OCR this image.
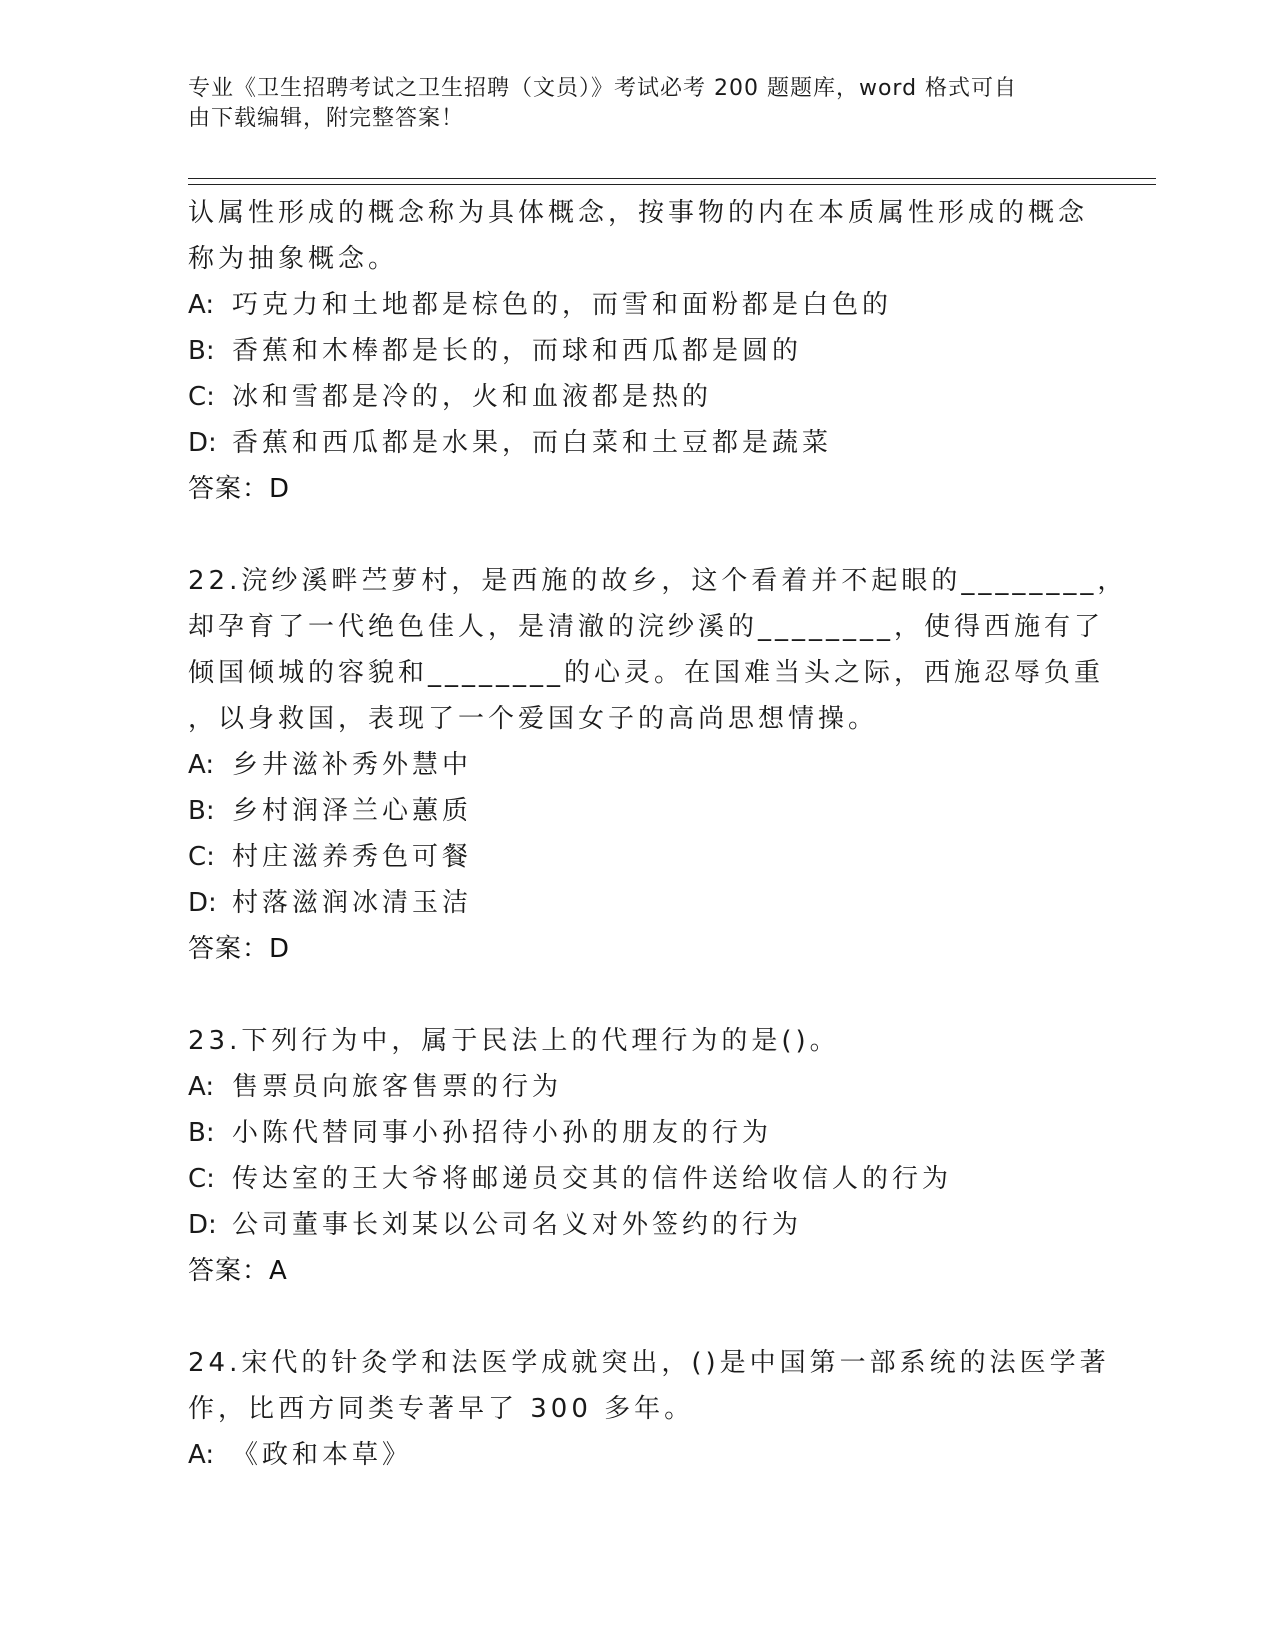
专业《卫生招聘考试之卫生招聘（文员）》考试必考 200 题题库，word 格式可自
由下载编辑，附完整答案！
认属性形成的概念称为具体概念，按事物的内在本质属性形成的概念
称为抽象概念。
A: 巧克力和土地都是棕色的，而雪和面粉都是白色的
B: 香蕉和木棒都是长的，而球和西瓜都是圆的
C: 冰和雪都是冷的，火和血液都是热的
D: 香蕉和西瓜都是水果，而白菜和土豆都是蔬菜
答案：D
22.浣纱溪畔苎萝村，是西施的故乡，这个看着并不起眼的________，
却孕育了一代绝色佳人，是清澈的浣纱溪的________，使得西施有了
倾国倾城的容貌和________的心灵。在国难当头之际，西施忍辱负重
，以身救国，表现了一个爱国女子的高尚思想情操。
A: 乡井滋补秀外慧中
B: 乡村润泽兰心蕙质
C: 村庄滋养秀色可餐
D: 村落滋润冰清玉洁
答案：D
23.下列行为中，属于民法上的代理行为的是()。
A: 售票员向旅客售票的行为
B: 小陈代替同事小孙招待小孙的朋友的行为
C: 传达室的王大爷将邮递员交其的信件送给收信人的行为
D: 公司董事长刘某以公司名义对外签约的行为
答案：A
24.宋代的针灸学和法医学成就突出，()是中国第一部系统的法医学著
作，比西方同类专著早了 300 多年。
A: 《政和本草》
